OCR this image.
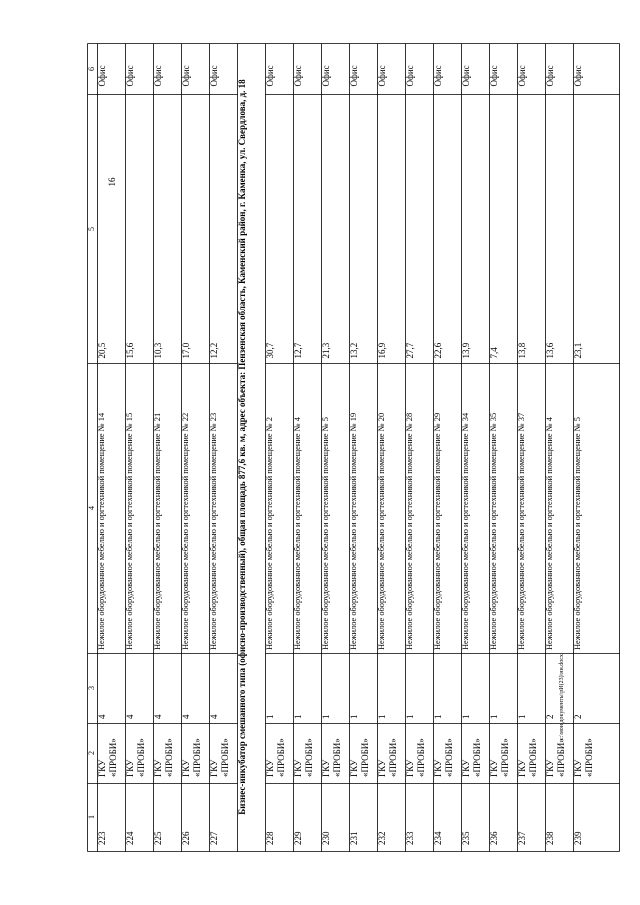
16
6
5
4
3
2
1
Офис
20,5
Нежилое оборудованное мебелью и оргтехникой помещение № 14
4
ГКУ «ПРОБИ»
223
Офис
15,6
Нежилое оборудованное мебелью и оргтехникой помещение № 15
4
ГКУ «ПРОБИ»
224
Офис
10,3
Нежилое оборудованное мебелью и оргтехникой помещение № 21
4
ГКУ «ПРОБИ»
225
Офис
17,0
Нежилое оборудованное мебелью и оргтехникой помещение № 22
4
ГКУ «ПРОБИ»
226
Офис
12,2
Нежилое оборудованное мебелью и оргтехникой помещение № 23
4
ГКУ «ПРОБИ»
227
Офис
30,7
Нежилое оборудованное мебелью и оргтехникой помещение № 2
1
ГКУ «ПРОБИ»
228
Офис
12,7
Нежилое оборудованное мебелью и оргтехникой помещение № 4
1
ГКУ «ПРОБИ»
229
Офис
21,3
Нежилое оборудованное мебелью и оргтехникой помещение № 5
1
ГКУ «ПРОБИ»
230
Офис
13,2
Нежилое оборудованное мебелью и оргтехникой помещение № 19
1
ГКУ «ПРОБИ»
231
Офис
16,9
Нежилое оборудованное мебелью и оргтехникой помещение № 20
1
ГКУ «ПРОБИ»
232
Офис
27,7
Нежилое оборудованное мебелью и оргтехникой помещение № 28
1
ГКУ «ПРОБИ»
233
Офис
22,6
Нежилое оборудованное мебелью и оргтехникой помещение № 29
1
ГКУ «ПРОБИ»
234
Офис
13,9
Нежилое оборудованное мебелью и оргтехникой помещение № 34
1
ГКУ «ПРОБИ»
235
Офис
7,4
Нежилое оборудованное мебелью и оргтехникой помещение № 35
1
ГКУ «ПРОБИ»
236
Офис
13,8
Нежилое оборудованное мебелью и оргтехникой помещение № 37
1
ГКУ «ПРОБИ»
237
Офис
13,6
Нежилое оборудованное мебелью и оргтехникой помещение № 4
2
ГКУ «ПРОБИ»
238
Офис
23,1
Нежилое оборудованное мебелью и оргтехникой помещение № 5
2
ГКУ «ПРОБИ»
239
Бизнес-инкубатор смешанного типа (офисно-производственный), общая площадь 877,6 кв. м, адрес объекта: Пензенская область, Каменский район, г. Каменка, ул. Свердлова, д. 18	c:\мои документы\рИ(23)\нн.docx
